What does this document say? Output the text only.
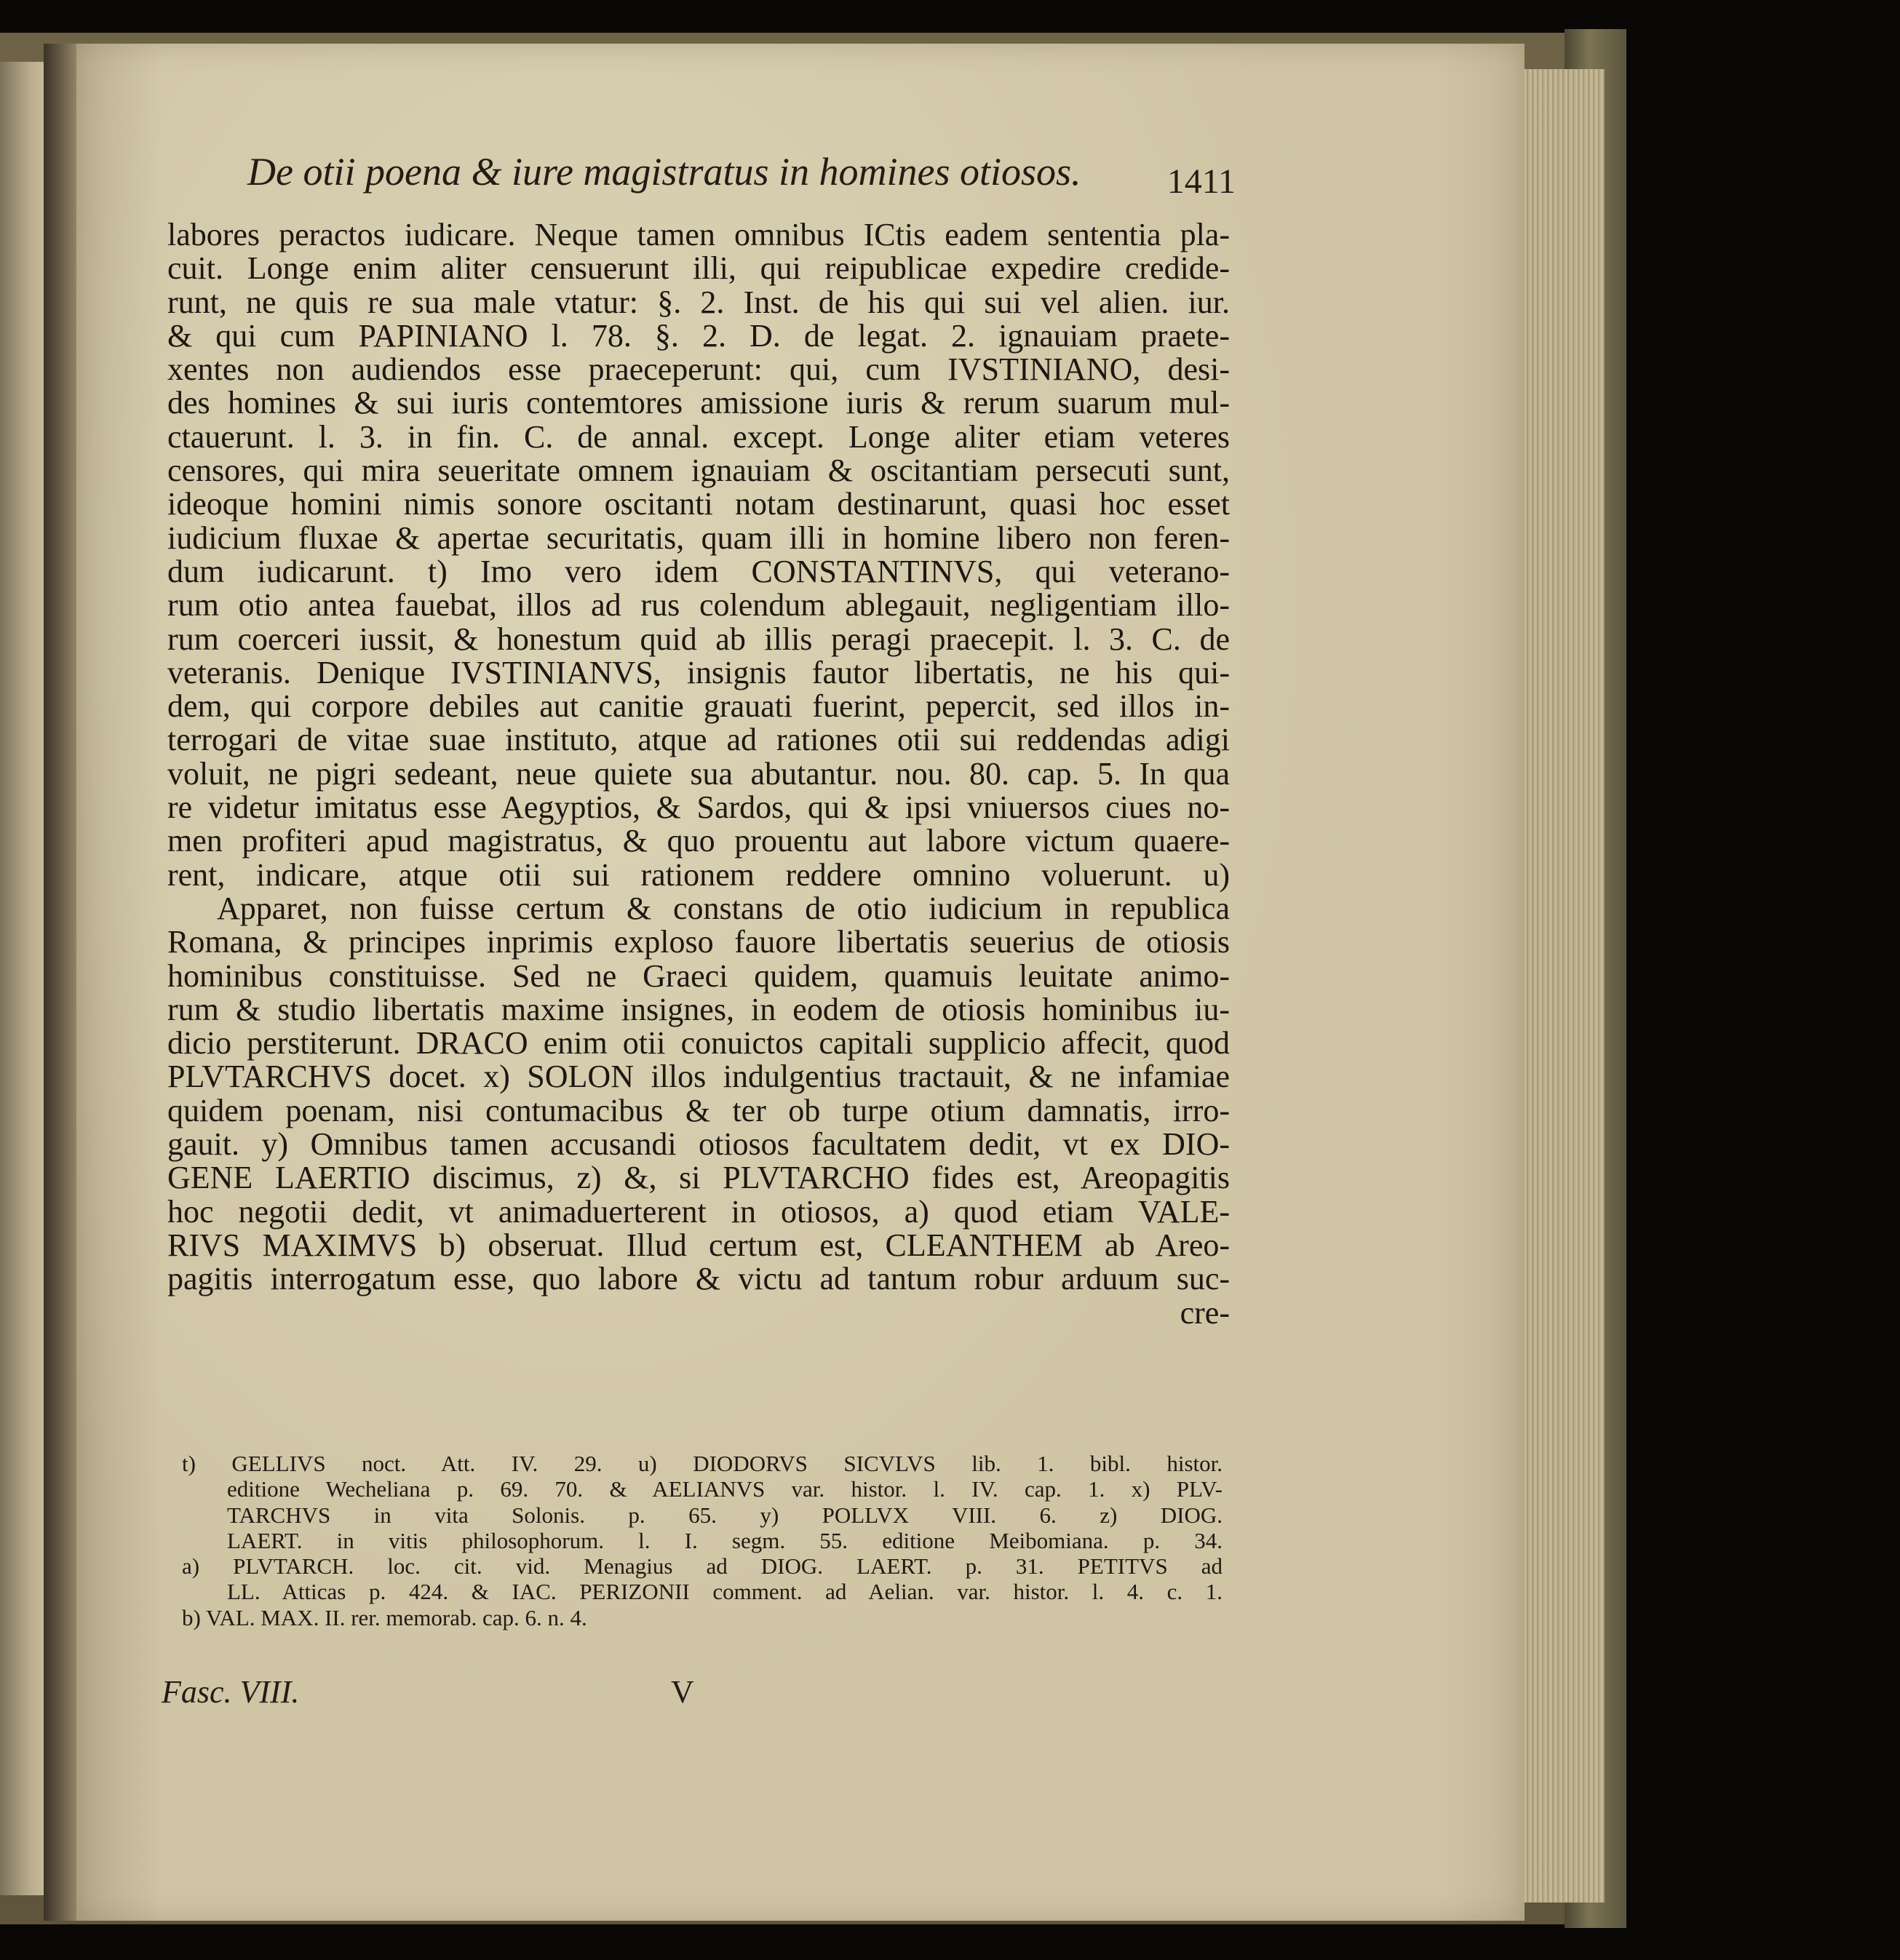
De otii poena & iure magistratus in homines otiosos.	1411
labores peractos iudicare. Neque tamen omnibus ICtis eadem sententia pla-
cuit. Longe enim aliter censuerunt illi, qui reipublicae expedire credide-
runt, ne quis re sua male vtatur: §. 2. Inst. de his qui sui vel alien. iur.
& qui cum PAPINIANO l. 78. §. 2. D. de legat. 2. ignauiam praete-
xentes non audiendos esse praeceperunt: qui, cum IVSTINIANO, desi-
des homines & sui iuris contemtores amissione iuris & rerum suarum mul-
ctauerunt. l. 3. in fin. C. de annal. except. Longe aliter etiam veteres
censores, qui mira seueritate omnem ignauiam & oscitantiam persecuti sunt,
ideoque homini nimis sonore oscitanti notam destinarunt, quasi hoc esset
iudicium fluxae & apertae securitatis, quam illi in homine libero non feren-
dum iudicarunt. t) Imo vero idem CONSTANTINVS, qui veterano-
rum otio antea fauebat, illos ad rus colendum ablegauit, negligentiam illo-
rum coerceri iussit, & honestum quid ab illis peragi praecepit. l. 3. C. de
veteranis. Denique IVSTINIANVS, insignis fautor libertatis, ne his qui-
dem, qui corpore debiles aut canitie grauati fuerint, pepercit, sed illos in-
terrogari de vitae suae instituto, atque ad rationes otii sui reddendas adigi
voluit, ne pigri sedeant, neue quiete sua abutantur. nou. 80. cap. 5. In qua
re videtur imitatus esse Aegyptios, & Sardos, qui & ipsi vniuersos ciues no-
men profiteri apud magistratus, & quo prouentu aut labore victum quaere-
rent, indicare, atque otii sui rationem reddere omnino voluerunt. u)
Apparet, non fuisse certum & constans de otio iudicium in republica
Romana, & principes inprimis exploso fauore libertatis seuerius de otiosis
hominibus constituisse. Sed ne Graeci quidem, quamuis leuitate animo-
rum & studio libertatis maxime insignes, in eodem de otiosis hominibus iu-
dicio perstiterunt. DRACO enim otii conuictos capitali supplicio affecit, quod
PLVTARCHVS docet. x) SOLON illos indulgentius tractauit, & ne infamiae
quidem poenam, nisi contumacibus & ter ob turpe otium damnatis, irro-
gauit. y) Omnibus tamen accusandi otiosos facultatem dedit, vt ex DIO-
GENE LAERTIO discimus, z) &, si PLVTARCHO fides est, Areopagitis
hoc negotii dedit, vt animaduerterent in otiosos, a) quod etiam VALE-
RIVS MAXIMVS b) obseruat. Illud certum est, CLEANTHEM ab Areo-
pagitis interrogatum esse, quo labore & victu ad tantum robur arduum suc-
cre-
t) GELLIVS noct. Att. IV. 29. u) DIODORVS SICVLVS lib. 1. bibl. histor.
editione Wecheliana p. 69. 70. & AELIANVS var. histor. l. IV. cap. 1. x) PLV-
TARCHVS in vita Solonis. p. 65. y) POLLVX VIII. 6. z) DIOG.
LAERT. in vitis philosophorum. l. I. segm. 55. editione Meibomiana. p. 34.
a) PLVTARCH. loc. cit. vid. Menagius ad DIOG. LAERT. p. 31. PETITVS ad
LL. Atticas p. 424. & IAC. PERIZONII comment. ad Aelian. var. histor. l. 4. c. 1.
b) VAL. MAX. II. rer. memorab. cap. 6. n. 4.
Fasc. VIII.	V
